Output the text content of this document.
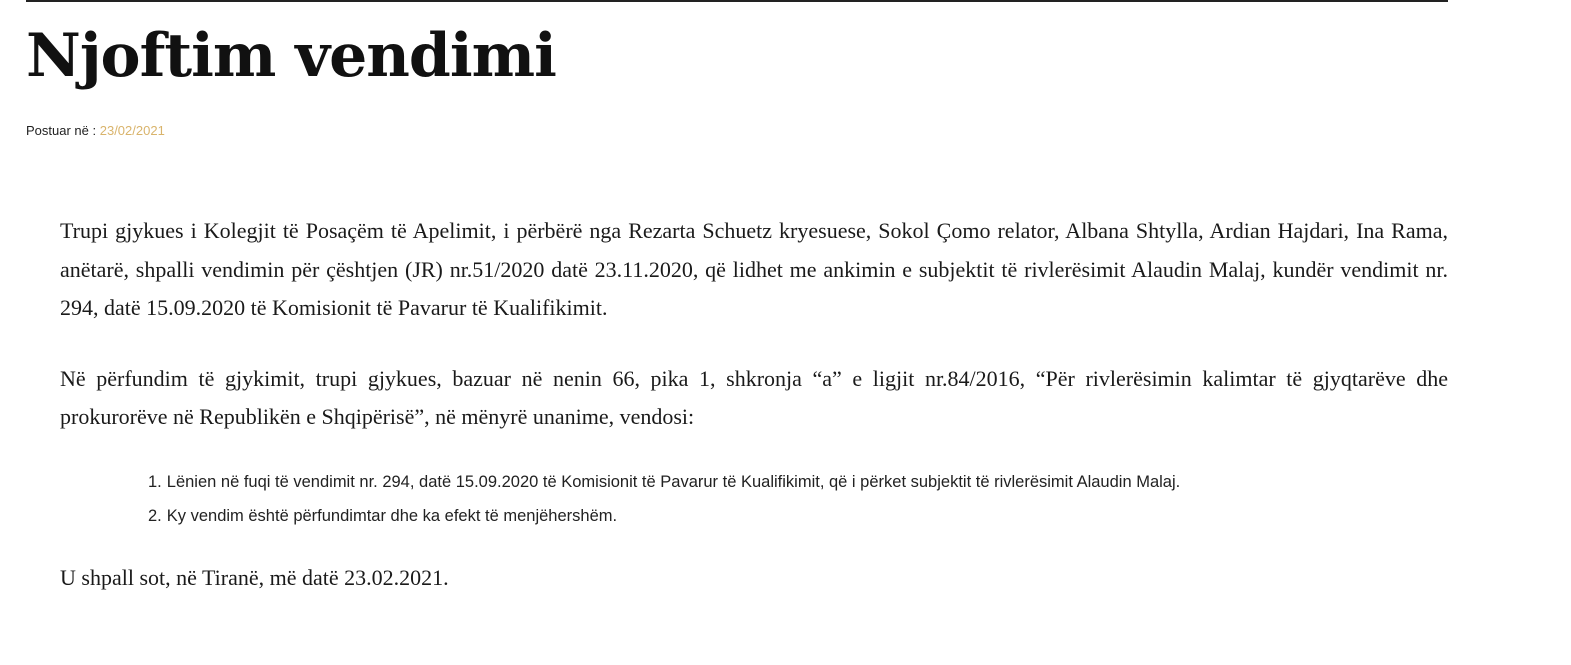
Njoftim vendimi
Postuar në : 23/02/2021

Trupi gjykues i Kolegjit të Posaçëm të Apelimit, i përbërë nga Rezarta Schuetz kryesuese, Sokol Çomo relator, Albana Shtylla, Ardian Hajdari, Ina Rama, anëtarë, shpalli vendimin për çështjen (JR) nr.51/2020 datë 23.11.2020, që lidhet me ankimin e subjektit të rivlerësimit Alaudin Malaj, kundër vendimit nr. 294, datë 15.09.2020 të Komisionit të Pavarur të Kualifikimit.

Në përfundim të gjykimit, trupi gjykues, bazuar në nenin 66, pika 1, shkronja “a” e ligjit nr.84/2016, “Për rivlerësimin kalimtar të gjyqtarëve dhe prokurorëve në Republikën e Shqipërisë”, në mënyrë unanime, vendosi:

1. Lënien në fuqi të vendimit nr. 294, datë 15.09.2020 të Komisionit të Pavarur të Kualifikimit, që i përket subjektit të rivlerësimit Alaudin Malaj.
2. Ky vendim është përfundimtar dhe ka efekt të menjëhershëm.

U shpall sot, në Tiranë, më datë 23.02.2021.
